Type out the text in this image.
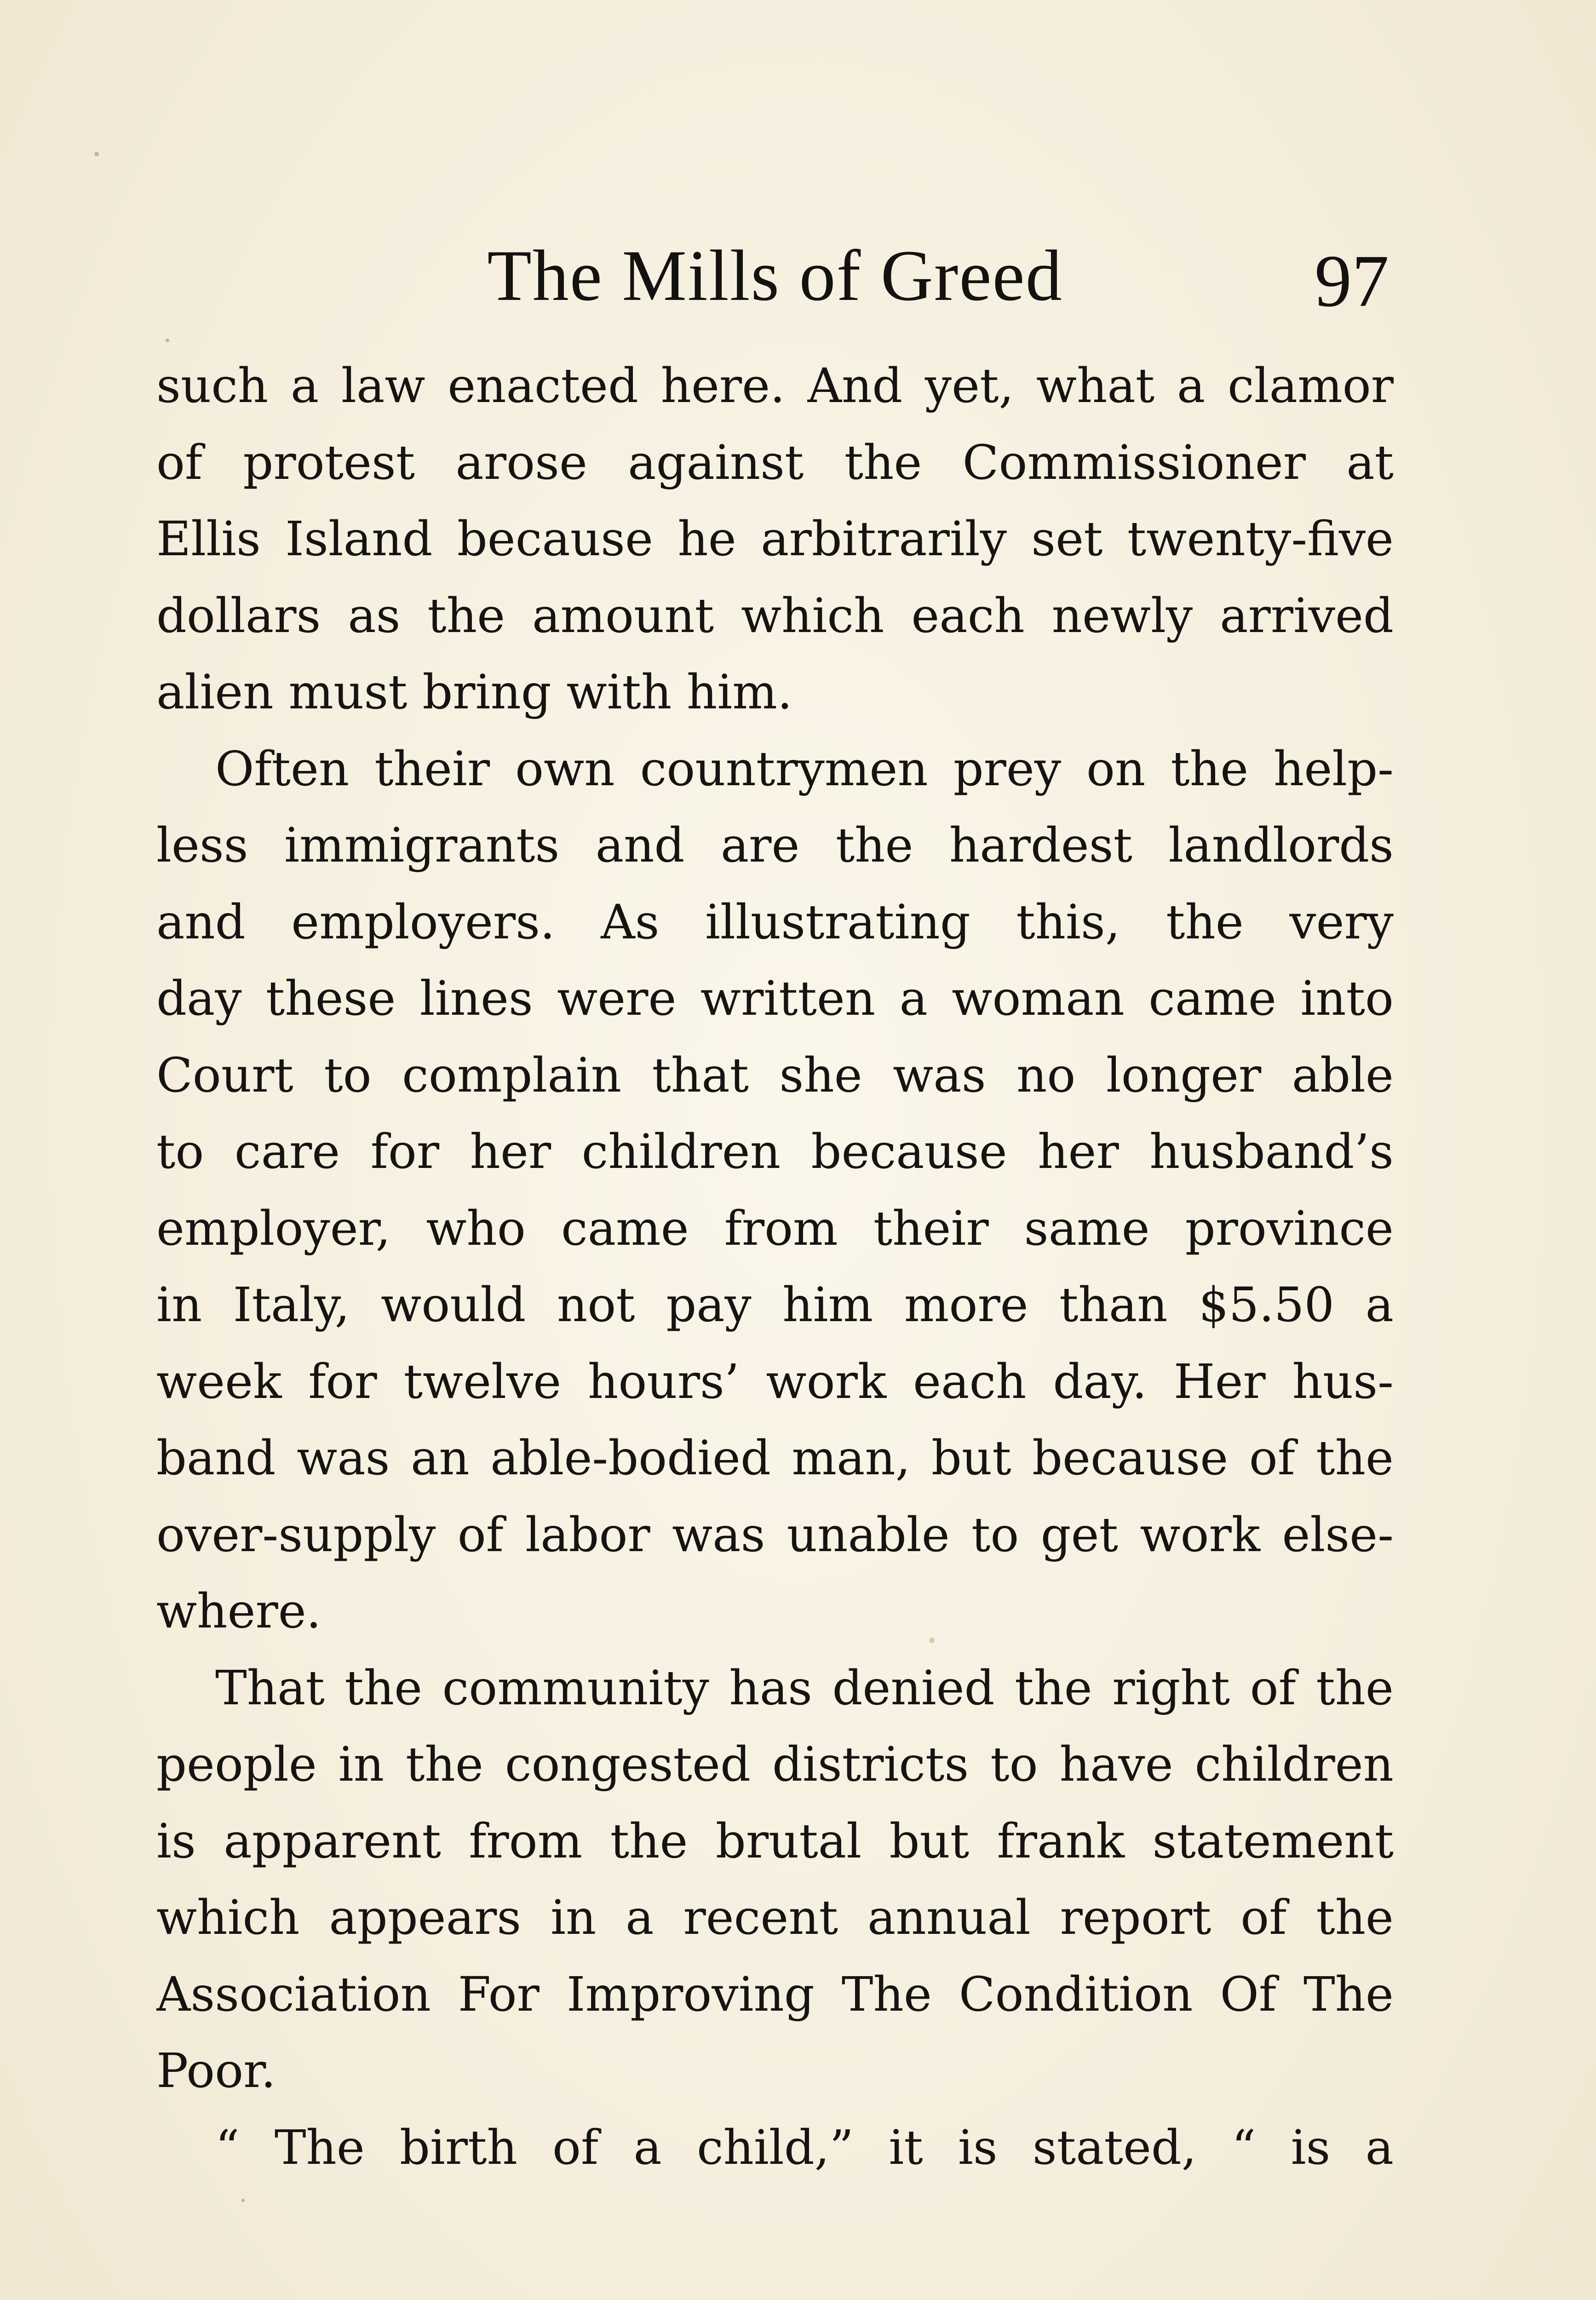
The Mills of Greed	97
such a law enacted here. And yet, what a clamor
of protest arose against the Commissioner at
Ellis Island because he arbitrarily set twenty-five
dollars as the amount which each newly arrived
alien must bring with him.
Often their own countrymen prey on the help-
less immigrants and are the hardest landlords
and employers. As illustrating this, the very
day these lines were written a woman came into
Court to complain that she was no longer able
to care for her children because her husband’s
employer, who came from their same province
in Italy, would not pay him more than $5.50 a
week for twelve hours’ work each day. Her hus-
band was an able-bodied man, but because of the
over-supply of labor was unable to get work else-
where.
That the community has denied the right of the
people in the congested districts to have children
is apparent from the brutal but frank statement
which appears in a recent annual report of the
Association For Improving The Condition Of The
Poor.
“ The birth of a child,” it is stated, “ is a
